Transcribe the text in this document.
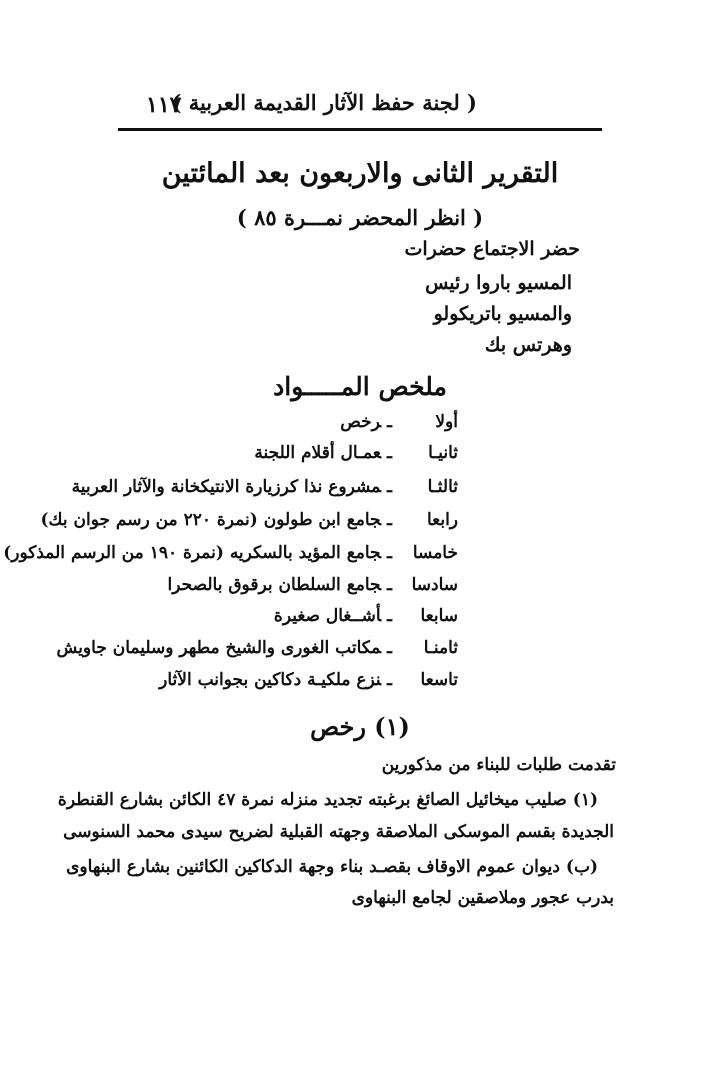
١١٧
( لجنة حفظ الآثار القديمة العربية )
التقرير الثانى والاربعون بعد المائتين
( انظر المحضر نمـــرة ٨٥ )
حضر الاجتماع حضرات
المسيو باروا رئيس
والمسيو باتريكولو
وهرتس بك
ملخص المـــــواد
أولاـرخص
ثانيـاـعمـال أقلام اللجنة
ثالثـاـمشروع نذا كرزيارة الانتيكخانة والآثار العربية
رابعاـجامع ابن طولون (نمرة ٢٢٠ من رسم جوان بك)
خامساـجامع المؤيد بالسكريه (نمرة ١٩٠ من الرسم المذكور)
سادساـجامع السلطان برقوق بالصحرا
سابعاـأشــغال صغيرة
ثامنـاـمكاتب الغورى والشيخ مطهر وسليمان جاويش
تاسعاـنزع ملكيـة دكاكين بجوانب الآثار
(١) رخص
تقدمت طلبات للبناء من مذكورين
(١) صليب ميخائيل الصائغ برغبته تجديد منزله نمرة ٤٧ الكائن بشارع القنطرة
الجديدة بقسم الموسكى الملاصقة وجهته القبلية لضريح سيدى محمد السنوسى
(ب) ديوان عموم الاوقاف بقصـد بناء وجهة الدكاكين الكائنين بشارع البنهاوى
بدرب عجور وملاصقين لجامع البنهاوى
